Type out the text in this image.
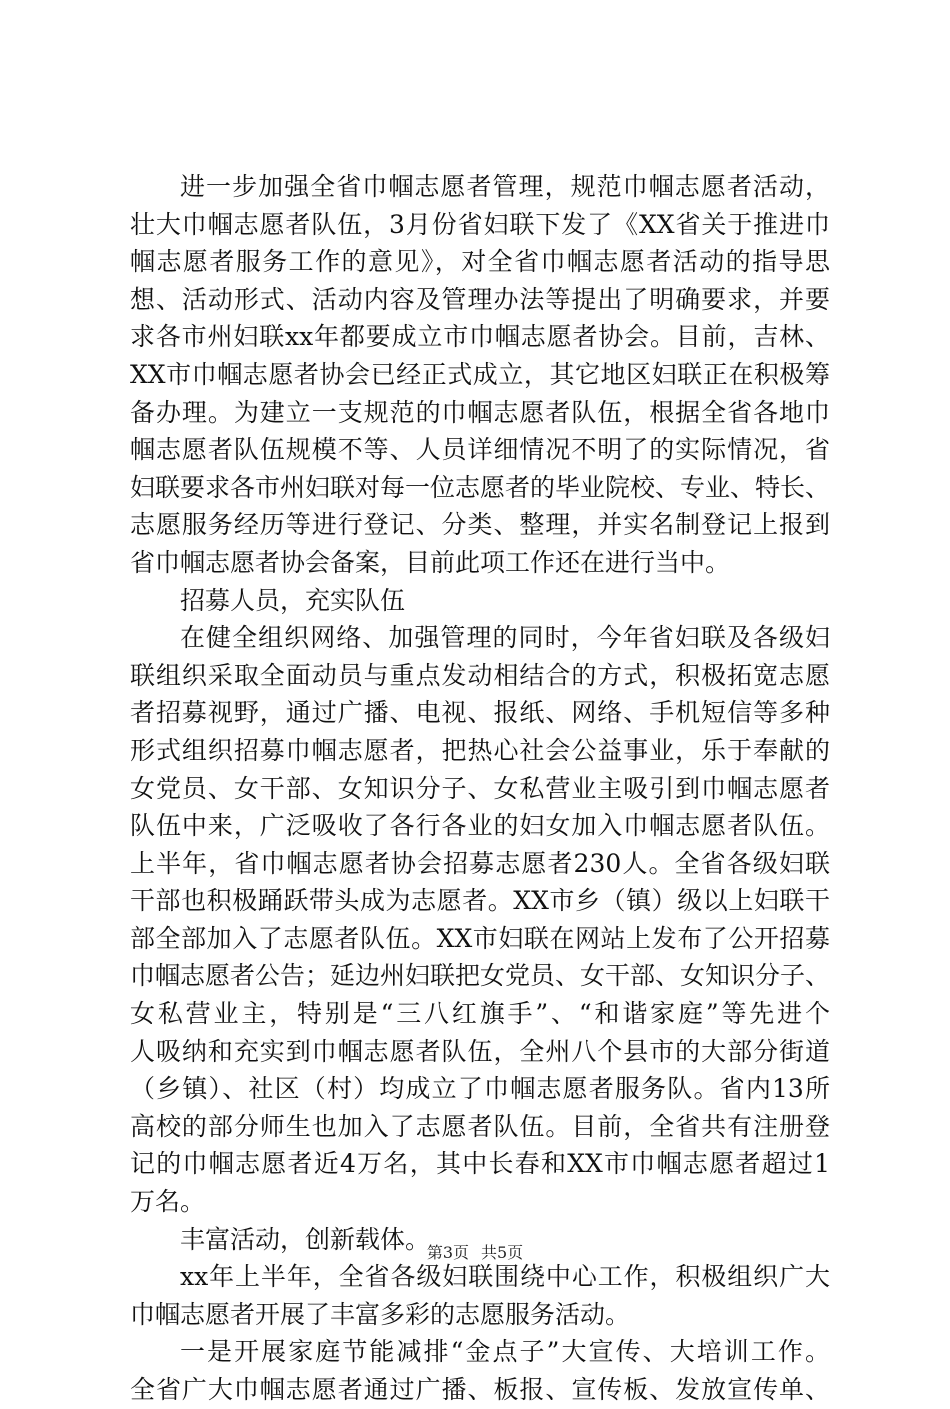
进一步加强全省巾帼志愿者管理，规范巾帼志愿者活动，
壮大巾帼志愿者队伍，3月份省妇联下发了《XX省关于推进巾
帼志愿者服务工作的意见》，对全省巾帼志愿者活动的指导思
想、活动形式、活动内容及管理办法等提出了明确要求，并要
求各市州妇联xx年都要成立市巾帼志愿者协会。目前，吉林、
XX市巾帼志愿者协会已经正式成立，其它地区妇联正在积极筹
备办理。为建立一支规范的巾帼志愿者队伍，根据全省各地巾
帼志愿者队伍规模不等、人员详细情况不明了的实际情况，省
妇联要求各市州妇联对每一位志愿者的毕业院校、专业、特长、
志愿服务经历等进行登记、分类、整理，并实名制登记上报到
省巾帼志愿者协会备案，目前此项工作还在进行当中。
招募人员，充实队伍
在健全组织网络、加强管理的同时，今年省妇联及各级妇
联组织采取全面动员与重点发动相结合的方式，积极拓宽志愿
者招募视野，通过广播、电视、报纸、网络、手机短信等多种
形式组织招募巾帼志愿者，把热心社会公益事业，乐于奉献的
女党员、女干部、女知识分子、女私营业主吸引到巾帼志愿者
队伍中来，广泛吸收了各行各业的妇女加入巾帼志愿者队伍。
上半年，省巾帼志愿者协会招募志愿者230人。全省各级妇联
干部也积极踊跃带头成为志愿者。XX市乡（镇）级以上妇联干
部全部加入了志愿者队伍。XX市妇联在网站上发布了公开招募
巾帼志愿者公告；延边州妇联把女党员、女干部、女知识分子、
女私营业主，特别是“三八红旗手”、“和谐家庭”等先进个
人吸纳和充实到巾帼志愿者队伍，全州八个县市的大部分街道
（乡镇）、社区（村）均成立了巾帼志愿者服务队。省内13所
高校的部分师生也加入了志愿者队伍。目前，全省共有注册登
记的巾帼志愿者近4万名，其中长春和XX市巾帼志愿者超过1
万名。
丰富活动，创新载体。
xx年上半年，全省各级妇联围绕中心工作，积极组织广大
巾帼志愿者开展了丰富多彩的志愿服务活动。
一是开展家庭节能减排“金点子”大宣传、大培训工作。
全省广大巾帼志愿者通过广播、板报、宣传板、发放宣传单、
第3页 共5页
